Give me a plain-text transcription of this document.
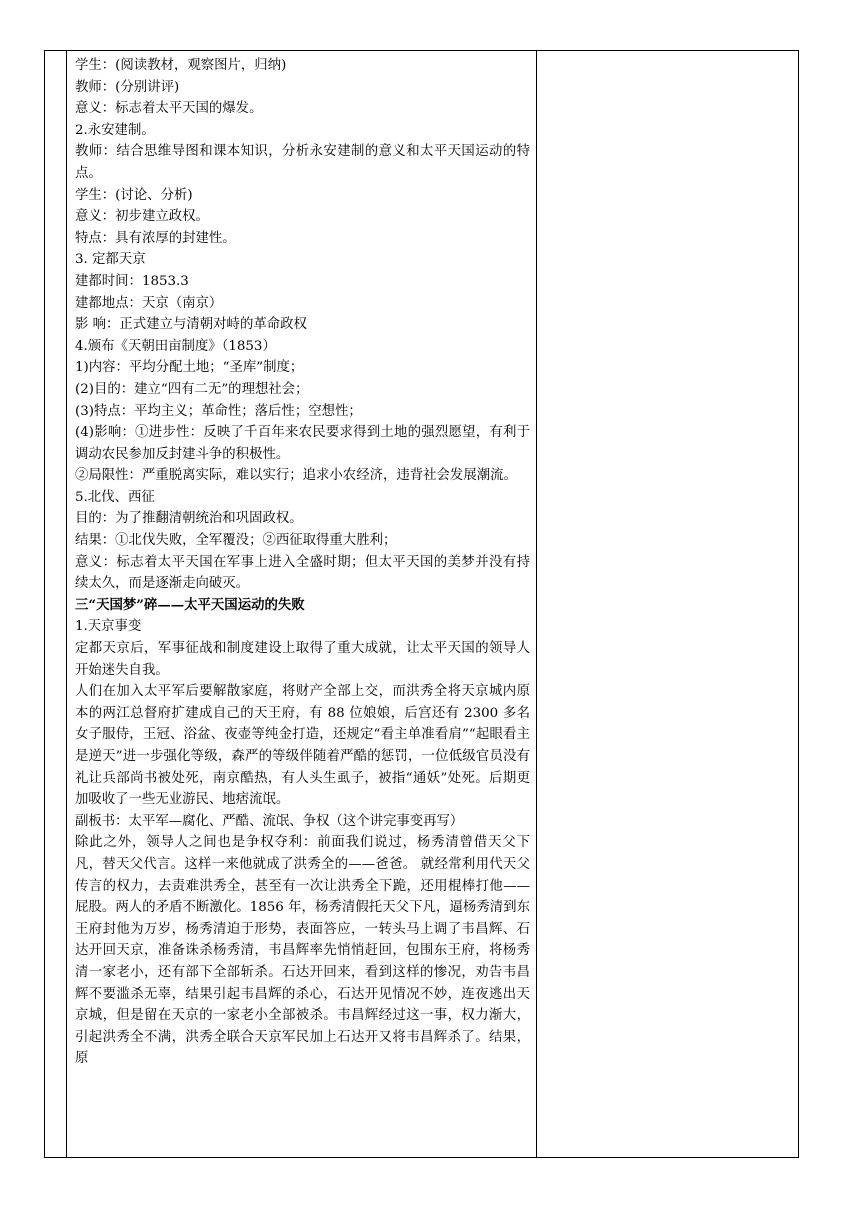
学生：(阅读教材，观察图片，归纳)

教师：(分别讲评)

意义：标志着太平天国的爆发。

2.永安建制。

教师：结合思维导图和课本知识，分析永安建制的意义和太平天国运动的特点。

学生：(讨论、分析)

意义：初步建立政权。

特点：具有浓厚的封建性。

3. 定都天京

建都时间：1853.3

建都地点：天京（南京）

影 响：正式建立与清朝对峙的革命政权

4.颁布《天朝田亩制度》（1853）

1)内容：平均分配土地；“圣库”制度；

(2)目的：建立“四有二无”的理想社会；

(3)特点：平均主义；革命性；落后性；空想性；

(4)影响：①进步性：反映了千百年来农民要求得到土地的强烈愿望，有利于调动农民参加反封建斗争的积极性。

②局限性：严重脱离实际，难以实行；追求小农经济，违背社会发展潮流。

5.北伐、西征

目的：为了推翻清朝统治和巩固政权。

结果：①北伐失败，全军覆没；②西征取得重大胜利；

意义：标志着太平天国在军事上进入全盛时期；但太平天国的美梦并没有持续太久，而是逐渐走向破灭。

三“天国梦”碎——太平天国运动的失败

1.天京事变

定都天京后，军事征战和制度建设上取得了重大成就，让太平天国的领导人开始迷失自我。

人们在加入太平军后要解散家庭，将财产全部上交，而洪秀全将天京城内原本的两江总督府扩建成自己的天王府，有 88 位娘娘，后宫还有 2300 多名女子服侍，王冠、浴盆、夜壶等纯金打造，还规定“看主单准看肩”“起眼看主是逆天”进一步强化等级，森严的等级伴随着严酷的惩罚，一位低级官员没有礼让兵部尚书被处死，南京酷热，有人头生虱子，被指“通妖”处死。后期更加吸收了一些无业游民、地痞流氓。

副板书：太平军—腐化、严酷、流氓、争权（这个讲完事变再写）

除此之外，领导人之间也是争权夺利：前面我们说过，杨秀清曾借天父下凡，替天父代言。这样一来他就成了洪秀全的——爸爸。 就经常利用代天父传言的权力，去责难洪秀全，甚至有一次让洪秀全下跪，还用棍棒打他——屁股。两人的矛盾不断激化。1856 年，杨秀清假托天父下凡，逼杨秀清到东王府封他为万岁，杨秀清迫于形势，表面答应，一转头马上调了韦昌辉、石达开回天京，准备诛杀杨秀清，韦昌辉率先悄悄赶回，包围东王府，将杨秀清一家老小，还有部下全部斩杀。石达开回来，看到这样的惨况，劝告韦昌辉不要滥杀无辜，结果引起韦昌辉的杀心，石达开见情况不妙，连夜逃出天京城，但是留在天京的一家老小全部被杀。韦昌辉经过这一事，权力渐大，引起洪秀全不满，洪秀全联合天京军民加上石达开又将韦昌辉杀了。结果，原
